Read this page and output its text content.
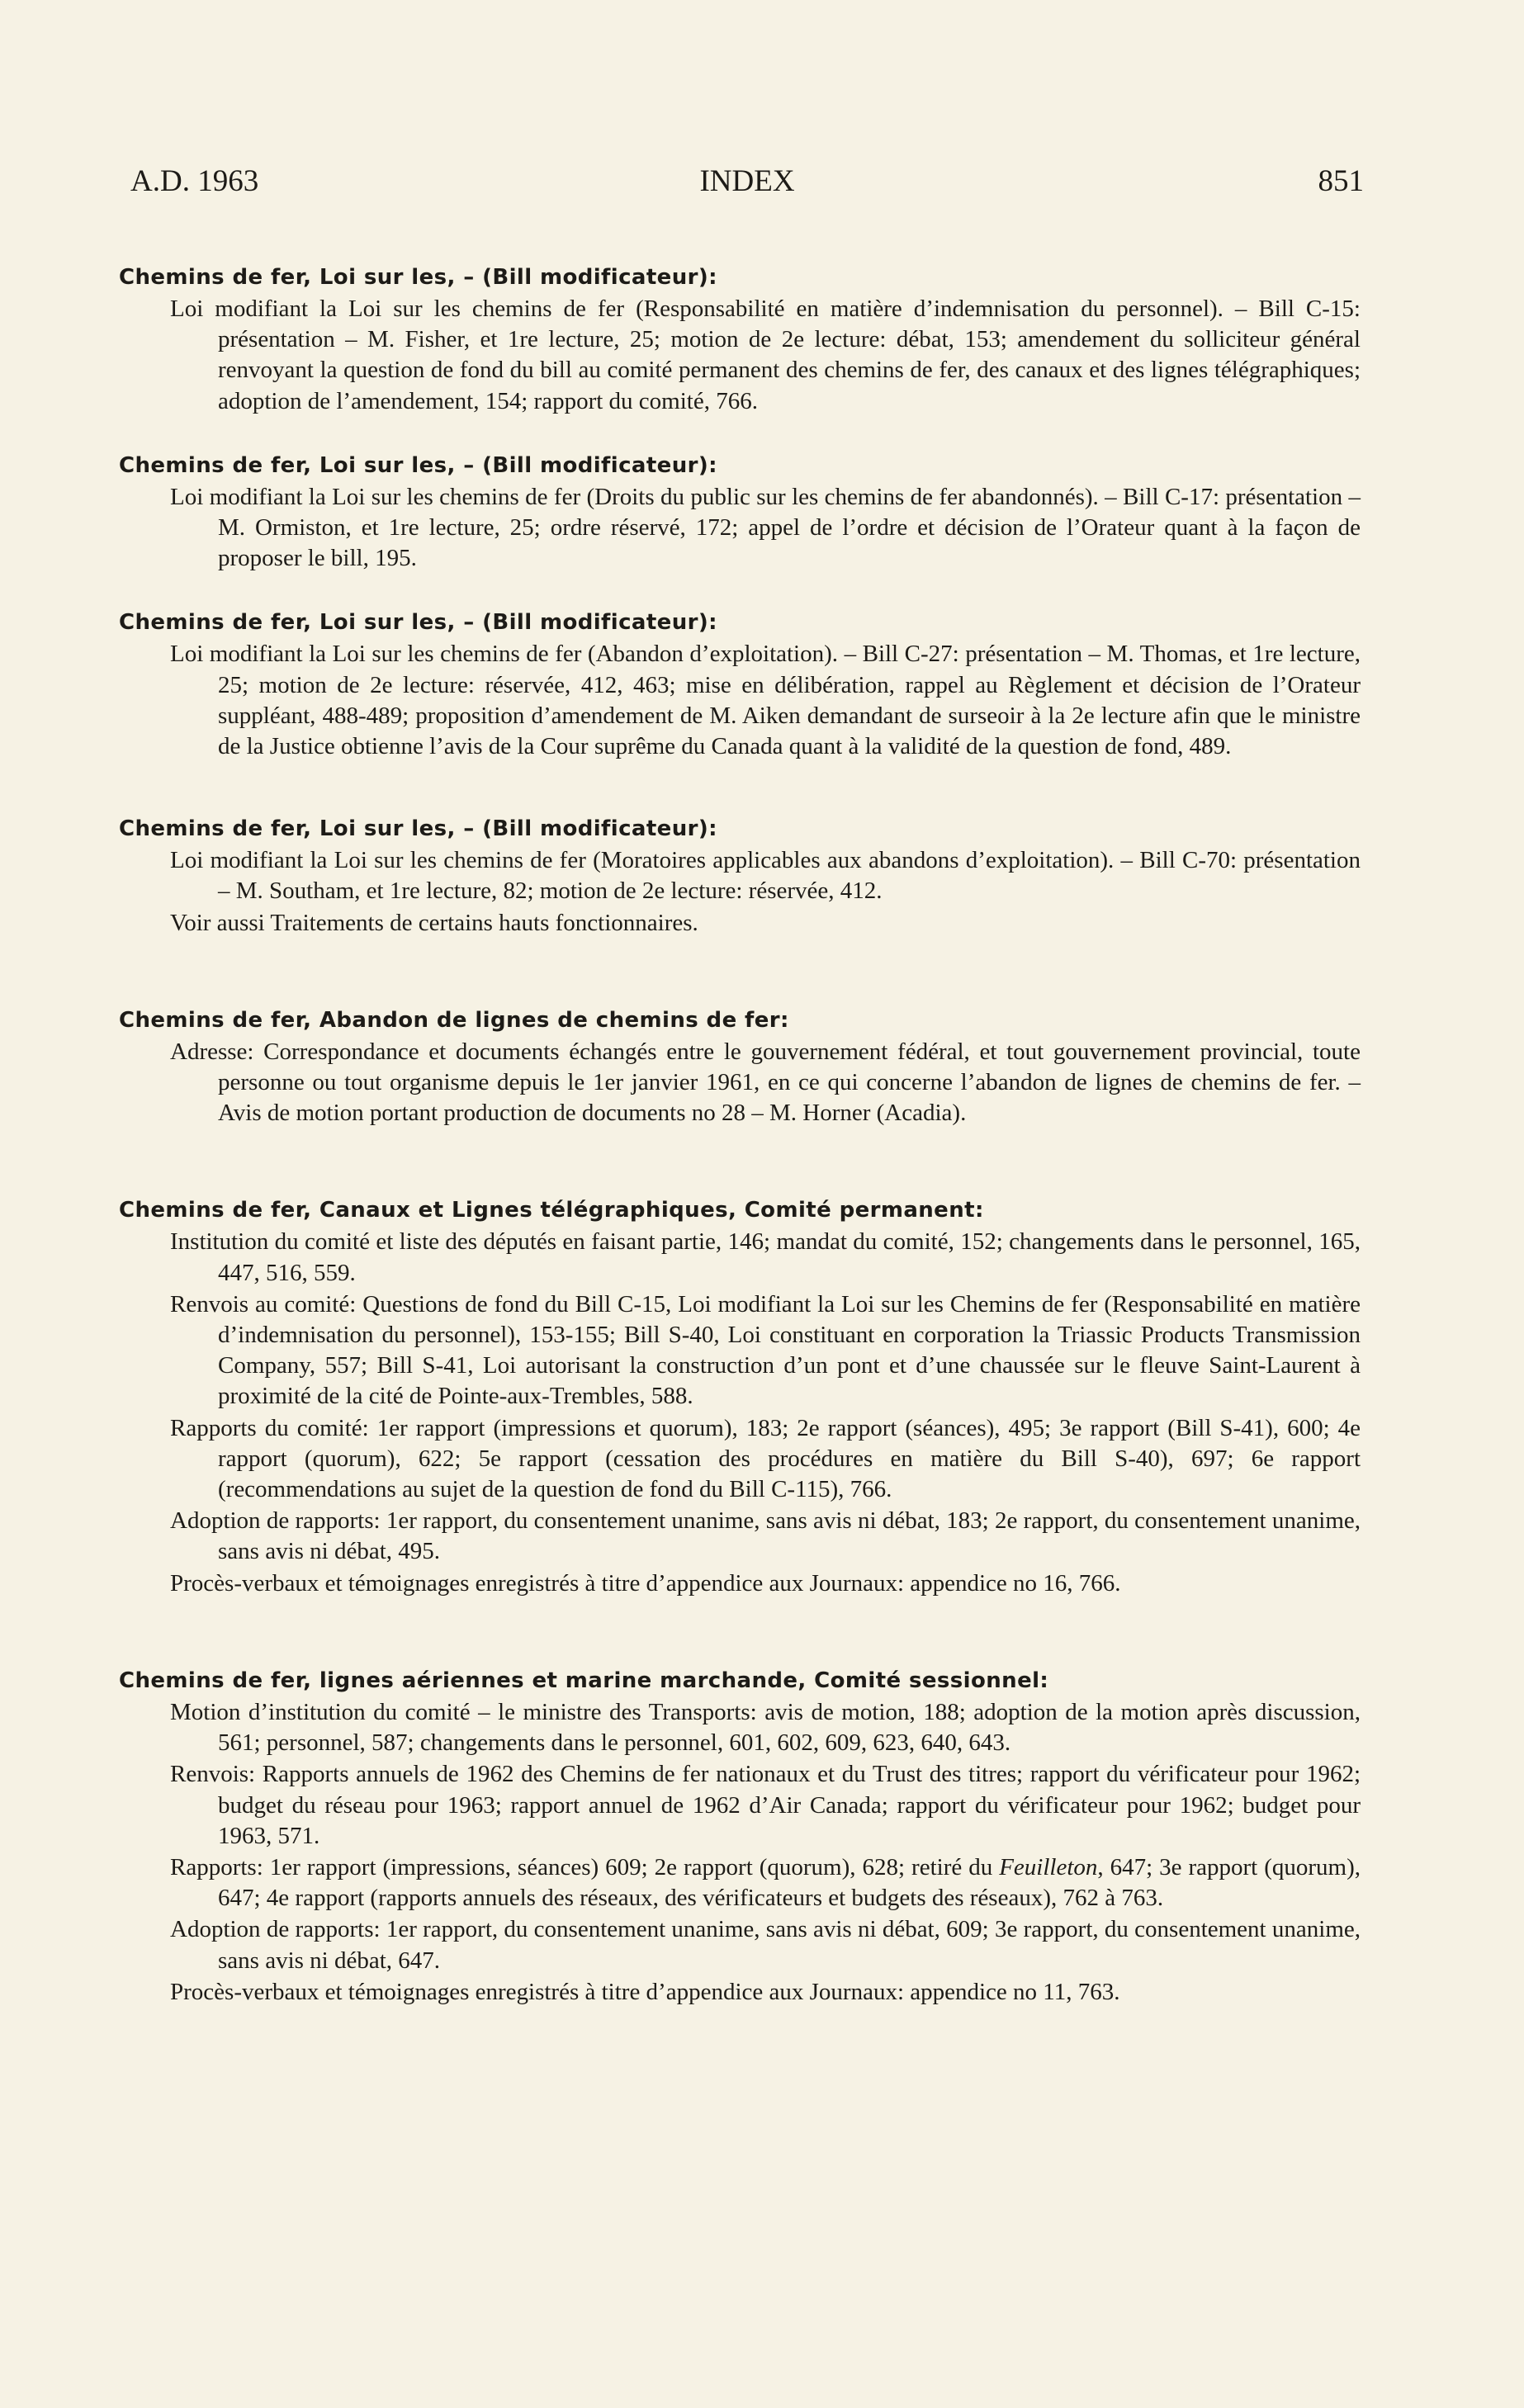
A.D. 1963	INDEX	851
Chemins de fer, Loi sur les, – (Bill modificateur):

Loi modifiant la Loi sur les chemins de fer (Responsabilité en matière d’indemnisation du personnel). – Bill C-15: présentation – M. Fisher, et 1re lecture, 25; motion de 2e lecture: débat, 153; amendement du solliciteur général renvoyant la question de fond du bill au comité permanent des chemins de fer, des canaux et des lignes télégraphiques; adoption de l’amendement, 154; rapport du comité, 766.

Chemins de fer, Loi sur les, – (Bill modificateur):

Loi modifiant la Loi sur les chemins de fer (Droits du public sur les chemins de fer abandonnés). – Bill C-17: présentation – M. Ormiston, et 1re lecture, 25; ordre réservé, 172; appel de l’ordre et décision de l’Orateur quant à la façon de proposer le bill, 195.

Chemins de fer, Loi sur les, – (Bill modificateur):

Loi modifiant la Loi sur les chemins de fer (Abandon d’exploitation). – Bill C-27: présentation – M. Thomas, et 1re lecture, 25; motion de 2e lecture: réservée, 412, 463; mise en délibération, rappel au Règlement et décision de l’Orateur suppléant, 488-489; proposition d’amendement de M. Aiken demandant de surseoir à la 2e lecture afin que le ministre de la Justice obtienne l’avis de la Cour suprême du Canada quant à la validité de la question de fond, 489.

Chemins de fer, Loi sur les, – (Bill modificateur):

Loi modifiant la Loi sur les chemins de fer (Moratoires applicables aux abandons d’exploitation). – Bill C-70: présentation – M. Southam, et 1re lecture, 82; motion de 2e lecture: réservée, 412.

Voir aussi Traitements de certains hauts fonctionnaires.

Chemins de fer, Abandon de lignes de chemins de fer:

Adresse: Correspondance et documents échangés entre le gouvernement fédéral, et tout gouvernement provincial, toute personne ou tout organisme depuis le 1er janvier 1961, en ce qui concerne l’abandon de lignes de chemins de fer. – Avis de motion portant production de documents no 28 – M. Horner (Acadia).

Chemins de fer, Canaux et Lignes télégraphiques, Comité permanent:

Institution du comité et liste des députés en faisant partie, 146; mandat du comité, 152; changements dans le personnel, 165, 447, 516, 559.

Renvois au comité: Questions de fond du Bill C-15, Loi modifiant la Loi sur les Chemins de fer (Responsabilité en matière d’indemnisation du personnel), 153-155; Bill S-40, Loi constituant en corporation la Triassic Products Transmission Company, 557; Bill S-41, Loi autorisant la construction d’un pont et d’une chaussée sur le fleuve Saint-Laurent à proximité de la cité de Pointe-aux-Trembles, 588.

Rapports du comité: 1er rapport (impressions et quorum), 183; 2e rapport (séances), 495; 3e rapport (Bill S-41), 600; 4e rapport (quorum), 622; 5e rapport (cessation des procédures en matière du Bill S-40), 697; 6e rapport (recommendations au sujet de la question de fond du Bill C-115), 766.

Adoption de rapports: 1er rapport, du consentement unanime, sans avis ni débat, 183; 2e rapport, du consentement unanime, sans avis ni débat, 495.

Procès-verbaux et témoignages enregistrés à titre d’appendice aux Journaux: appendice no 16, 766.

Chemins de fer, lignes aériennes et marine marchande, Comité sessionnel:

Motion d’institution du comité – le ministre des Transports: avis de motion, 188; adoption de la motion après discussion, 561; personnel, 587; changements dans le personnel, 601, 602, 609, 623, 640, 643.

Renvois: Rapports annuels de 1962 des Chemins de fer nationaux et du Trust des titres; rapport du vérificateur pour 1962; budget du réseau pour 1963; rapport annuel de 1962 d’Air Canada; rapport du vérificateur pour 1962; budget pour 1963, 571.

Rapports: 1er rapport (impressions, séances) 609; 2e rapport (quorum), 628; retiré du Feuilleton, 647; 3e rapport (quorum), 647; 4e rapport (rapports annuels des réseaux, des vérificateurs et budgets des réseaux), 762 à 763.

Adoption de rapports: 1er rapport, du consentement unanime, sans avis ni débat, 609; 3e rapport, du consentement unanime, sans avis ni débat, 647.

Procès-verbaux et témoignages enregistrés à titre d’appendice aux Journaux: appendice no 11, 763.
